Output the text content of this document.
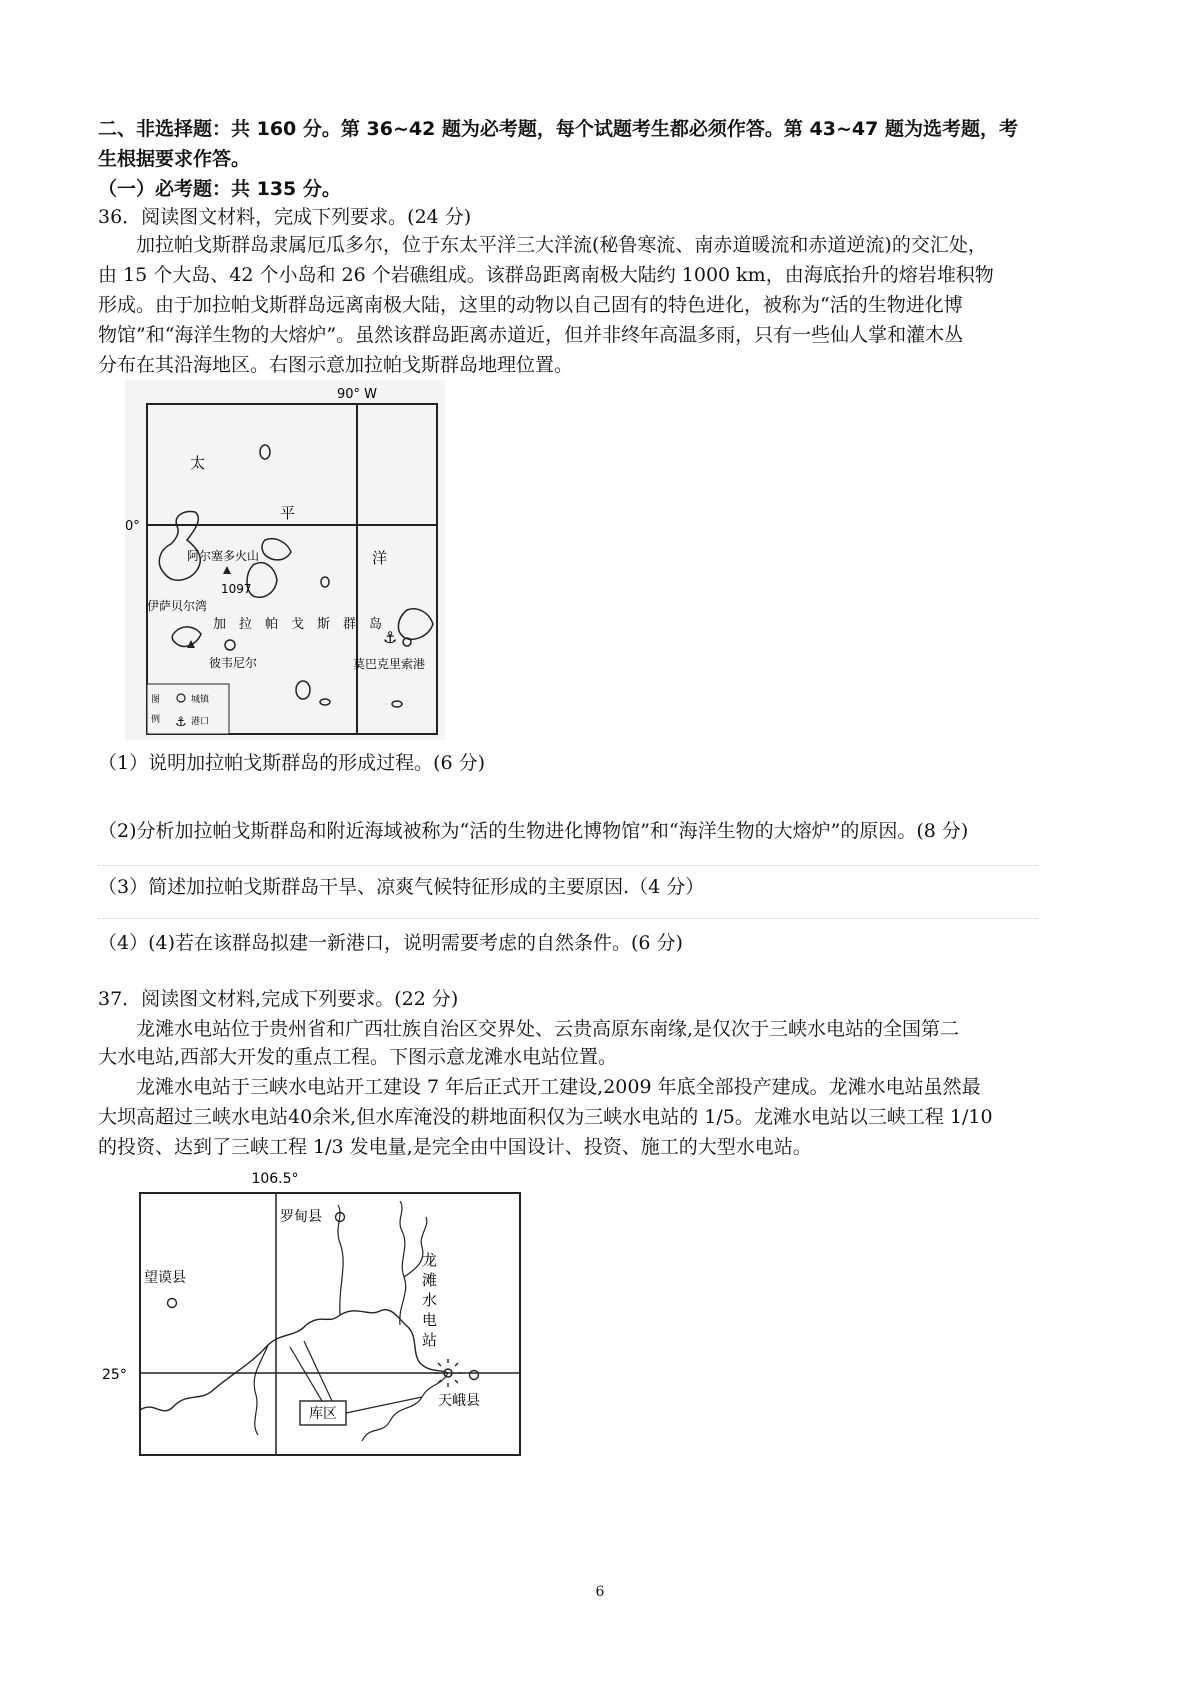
二、非选择题：共 160 分。第 36~42 题为必考题，每个试题考生都必须作答。第 43~47 题为选考题，考
生根据要求作答。
（一）必考题：共 135 分。
36．阅读图文材料，完成下列要求。(24 分)
加拉帕戈斯群岛隶属厄瓜多尔，位于东太平洋三大洋流(秘鲁寒流、南赤道暖流和赤道逆流)的交汇处，
由 15 个大岛、42 个小岛和 26 个岩礁组成。该群岛距离南极大陆约 1000 km，由海底抬升的熔岩堆积物
形成。由于加拉帕戈斯群岛远离南极大陆，这里的动物以自己固有的特色进化，被称为“活的生物进化博
物馆”和“海洋生物的大熔炉”。虽然该群岛距离赤道近，但并非终年高温多雨，只有一些仙人掌和灌木丛
分布在其沿海地区。右图示意加拉帕戈斯群岛地理位置。
90° W
0°
太
平
洋
阿尔塞多火山
1097
伊萨贝尔湾
加 拉 帕 戈 斯 群 岛
彼韦尼尔
⚓
莫巴克里索港
图
例
城镇
⚓ 港口
（1）说明加拉帕戈斯群岛的形成过程。(6 分)
（2)分析加拉帕戈斯群岛和附近海域被称为“活的生物进化博物馆”和“海洋生物的大熔炉”的原因。(8 分)
（3）简述加拉帕戈斯群岛干旱、凉爽气候特征形成的主要原因.（4 分）
（4）(4)若在该群岛拟建一新港口，说明需要考虑的自然条件。(6 分)
37．阅读图文材料,完成下列要求。(22 分)
龙滩水电站位于贵州省和广西壮族自治区交界处、云贵高原东南缘,是仅次于三峡水电站的全国第二
大水电站,西部大开发的重点工程。下图示意龙滩水电站位置。
龙滩水电站于三峡水电站开工建设 7 年后正式开工建设,2009 年底全部投产建成。龙滩水电站虽然最
大坝高超过三峡水电站40余米,但水库淹没的耕地面积仅为三峡水电站的 1/5。龙滩水电站以三峡工程 1/10
的投资、达到了三峡工程 1/3 发电量,是完全由中国设计、投资、施工的大型水电站。
106.5°
25°
库区
罗甸县
望谟县
龙
滩
水
电
站
天峨县
6
